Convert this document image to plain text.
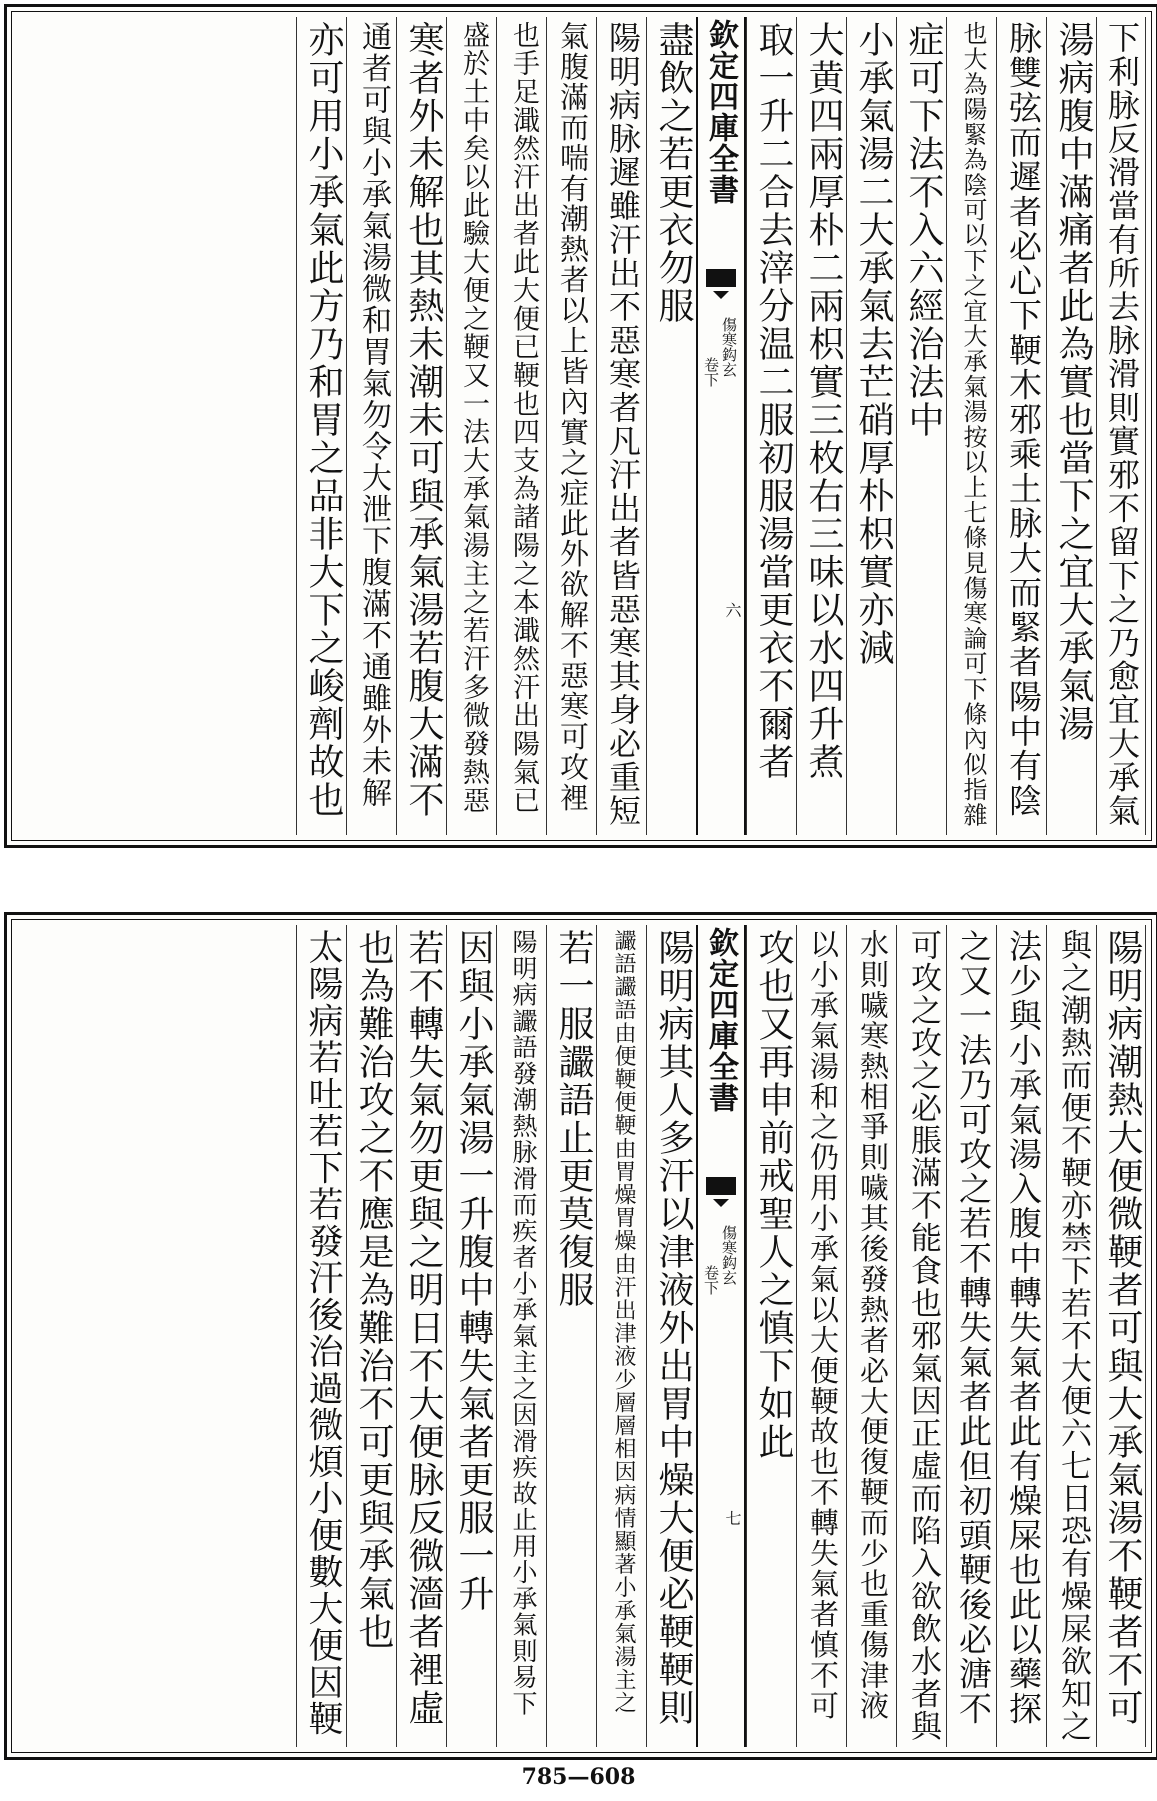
下利脉反滑當有所去脉滑則實邪不留下之乃愈宜大承氣
湯病腹中滿痛者此為實也當下之宜大承氣湯
脉雙弦而遲者必心下鞕木邪乘土脉大而緊者陽中有陰
也大為陽緊為陰可以下之宜大承氣湯按以上七條見傷寒論可下條內似指雜
症可下法不入六經治法中
小承氣湯二大承氣去芒硝厚朴枳實亦減
大黄四兩厚朴二兩枳實三枚右三味以水四升煮
取一升二合去滓分温二服初服湯當更衣不爾者
欽定四庫全書
傷寒鈎玄
卷下
六
盡飲之若更衣勿服
陽明病脉遲雖汗出不惡寒者凡汗出者皆惡寒其身必重短
氣腹滿而喘有潮熱者以上皆內實之症此外欲解不惡寒可攻裡
也手足濈然汗出者此大便已鞕也四支為諸陽之本濈然汗出陽氣已
盛於土中矣以此驗大便之鞕又一法大承氣湯主之若汗多微發熱惡
寒者外未解也其熱未潮未可與承氣湯若腹大滿不
通者可與小承氣湯微和胃氣勿令大泄下腹滿不通雖外未解
亦可用小承氣此方乃和胃之品非大下之峻劑故也
陽明病潮熱大便微鞕者可與大承氣湯不鞕者不可
與之潮熱而便不鞕亦禁下若不大便六七日恐有燥屎欲知之
法少與小承氣湯入腹中轉失氣者此有燥屎也此以藥探
之又一法乃可攻之若不轉失氣者此但初頭鞕後必溏不
可攻之攻之必脹滿不能食也邪氣因正虛而陷入欲飲水者與
水則噦寒熱相爭則噦其後發熱者必大便復鞕而少也重傷津液
以小承氣湯和之仍用小承氣以大便鞕故也不轉失氣者慎不可
攻也又再申前戒聖人之慎下如此
欽定四庫全書
傷寒鈎玄
卷下
七
陽明病其人多汗以津液外出胃中燥大便必鞕鞕則
讝語讝語由便鞕便鞕由胃燥胃燥由汗出津液少層層相因病情顯著小承氣湯主之
若一服讝語止更莫復服
陽明病讝語發潮熱脉滑而疾者小承氣主之因滑疾故止用小承氣則易下
因與小承氣湯一升腹中轉失氣者更服一升
若不轉失氣勿更與之明日不大便脉反微濇者裡虛
也為難治攻之不應是為難治不可更與承氣也
太陽病若吐若下若發汗後治過微煩小便數大便因鞕
785—608
